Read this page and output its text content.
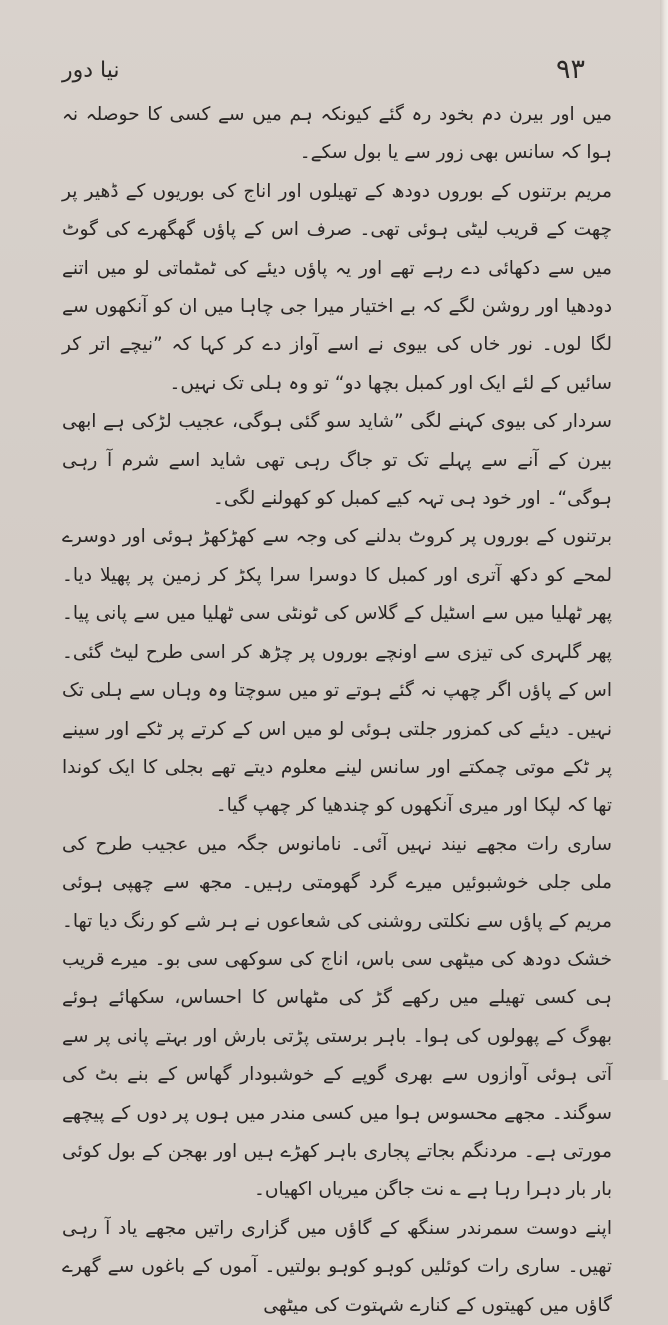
۹۳
نیا دور

میں اور بیرن دم بخود رہ گئے کیونکہ ہم میں سے کسی کا حوصلہ نہ ہوا کہ سانس بھی زور سے یا بول سکے۔

مریم برتنوں کے بوروں دودھ کے تھیلوں اور اناج کی بوریوں کے ڈھیر پر چھت کے قریب لیٹی ہوئی تھی۔ صرف اس کے پاؤں گھگھرے کی گوٹ میں سے دکھائی دے رہے تھے اور یہ پاؤں دیئے کی ٹمٹماتی لو میں اتنے دودھیا اور روشن لگے کہ بے اختیار میرا جی چاہا میں ان کو آنکھوں سے لگا لوں۔ نور خاں کی بیوی نے اسے آواز دے کر کہا کہ ”نیچے اتر کر سائیں کے لئے ایک اور کمبل بچھا دو“ تو وہ ہلی تک نہیں۔

سردار کی بیوی کہنے لگی ”شاید سو گئی ہوگی، عجیب لڑکی ہے ابھی بیرن کے آنے سے پہلے تک تو جاگ رہی تھی شاید اسے شرم آ رہی ہوگی“۔ اور خود ہی تہہ کیے کمبل کو کھولنے لگی۔

برتنوں کے بوروں پر کروٹ بدلنے کی وجہ سے کھڑکھڑ ہوئی اور دوسرے لمحے کو دکھ آتری اور کمبل کا دوسرا سرا پکڑ کر زمین پر پھیلا دیا۔ پھر ٹھلیا میں سے اسٹیل کے گلاس کی ٹونٹی سی ٹھلیا میں سے پانی پیا۔ پھر گلہری کی تیزی سے اونچے بوروں پر چڑھ کر اسی طرح لیٹ گئی۔ اس کے پاؤں اگر چھپ نہ گئے ہوتے تو میں سوچتا وہ وہاں سے ہلی تک نہیں۔ دیئے کی کمزور جلتی ہوئی لو میں اس کے کرتے پر ٹکے اور سینے پر ٹکے موتی چمکتے اور سانس لینے معلوم دیتے تھے بجلی کا ایک کوندا تھا کہ لپکا اور میری آنکھوں کو چندھیا کر چھپ گیا۔

ساری رات مجھے نیند نہیں آئی۔ نامانوس جگہ میں عجیب طرح کی ملی جلی خوشبوئیں میرے گرد گھومتی رہیں۔ مجھ سے چھپی ہوئی مریم کے پاؤں سے نکلتی روشنی کی شعاعوں نے ہر شے کو رنگ دیا تھا۔ خشک دودھ کی میٹھی سی باس، اناج کی سوکھی سی بو۔ میرے قریب ہی کسی تھیلے میں رکھے گڑ کی مٹھاس کا احساس، سکھائے ہوئے بھوگ کے پھولوں کی ہوا۔ باہر برستی پڑتی بارش اور بہتے پانی پر سے آتی ہوئی آوازوں سے بھری گوپے کے خوشبودار گھاس کے بنے بٹ کی سوگند۔ مجھے محسوس ہوا میں کسی مندر میں ہوں پر دوں کے پیچھے مورتی ہے۔ مردنگم بجاتے پجاری باہر کھڑے ہیں اور بھجن کے بول کوئی بار بار دہرا رہا ہے ؎ نت جاگن میریاں اکھیاں۔

اپنے دوست سمرندر سنگھ کے گاؤں میں گزاری راتیں مجھے یاد آ رہی تھیں۔ ساری رات کوئلیں کوہو کوہو بولتیں۔ آموں کے باغوں سے گھرے گاؤں میں کھیتوں کے کنارے شہتوت کی میٹھی
